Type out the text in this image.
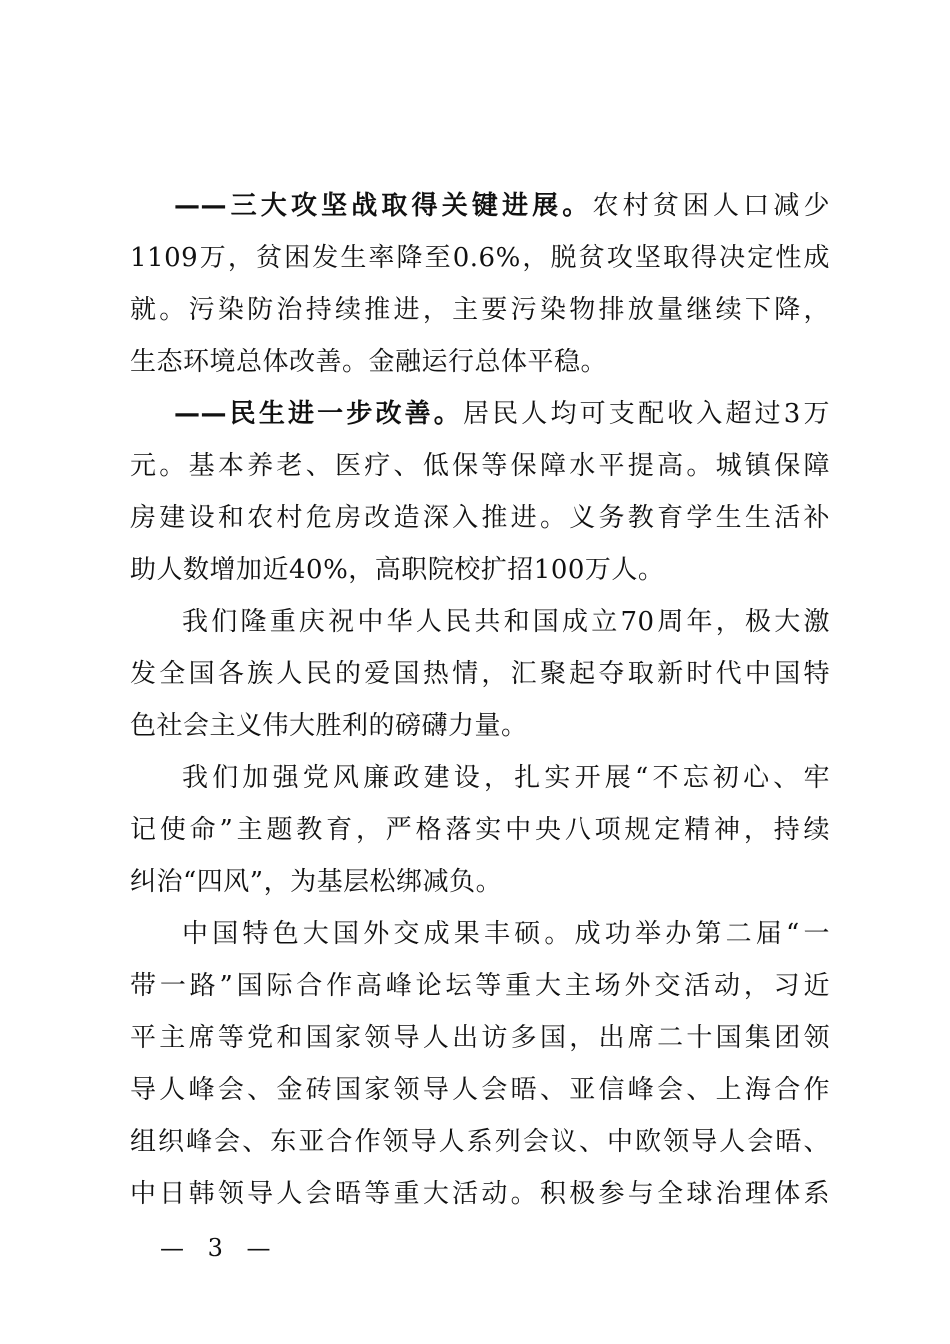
——三大攻坚战取得关键进展。农村贫困人口减少
1109万，贫困发生率降至0.6%，脱贫攻坚取得决定性成
就。污染防治持续推进，主要污染物排放量继续下降，
生态环境总体改善。金融运行总体平稳。
——民生进一步改善。居民人均可支配收入超过3万
元。基本养老、医疗、低保等保障水平提高。城镇保障
房建设和农村危房改造深入推进。义务教育学生生活补
助人数增加近40%，高职院校扩招100万人。
我们隆重庆祝中华人民共和国成立70周年，极大激
发全国各族人民的爱国热情，汇聚起夺取新时代中国特
色社会主义伟大胜利的磅礴力量。
我们加强党风廉政建设，扎实开展“不忘初心、牢
记使命”主题教育，严格落实中央八项规定精神，持续
纠治“四风”，为基层松绑减负。
中国特色大国外交成果丰硕。成功举办第二届“一
带一路”国际合作高峰论坛等重大主场外交活动，习近
平主席等党和国家领导人出访多国，出席二十国集团领
导人峰会、金砖国家领导人会晤、亚信峰会、上海合作
组织峰会、东亚合作领导人系列会议、中欧领导人会晤、
中日韩领导人会晤等重大活动。积极参与全球治理体系
— 3 —
